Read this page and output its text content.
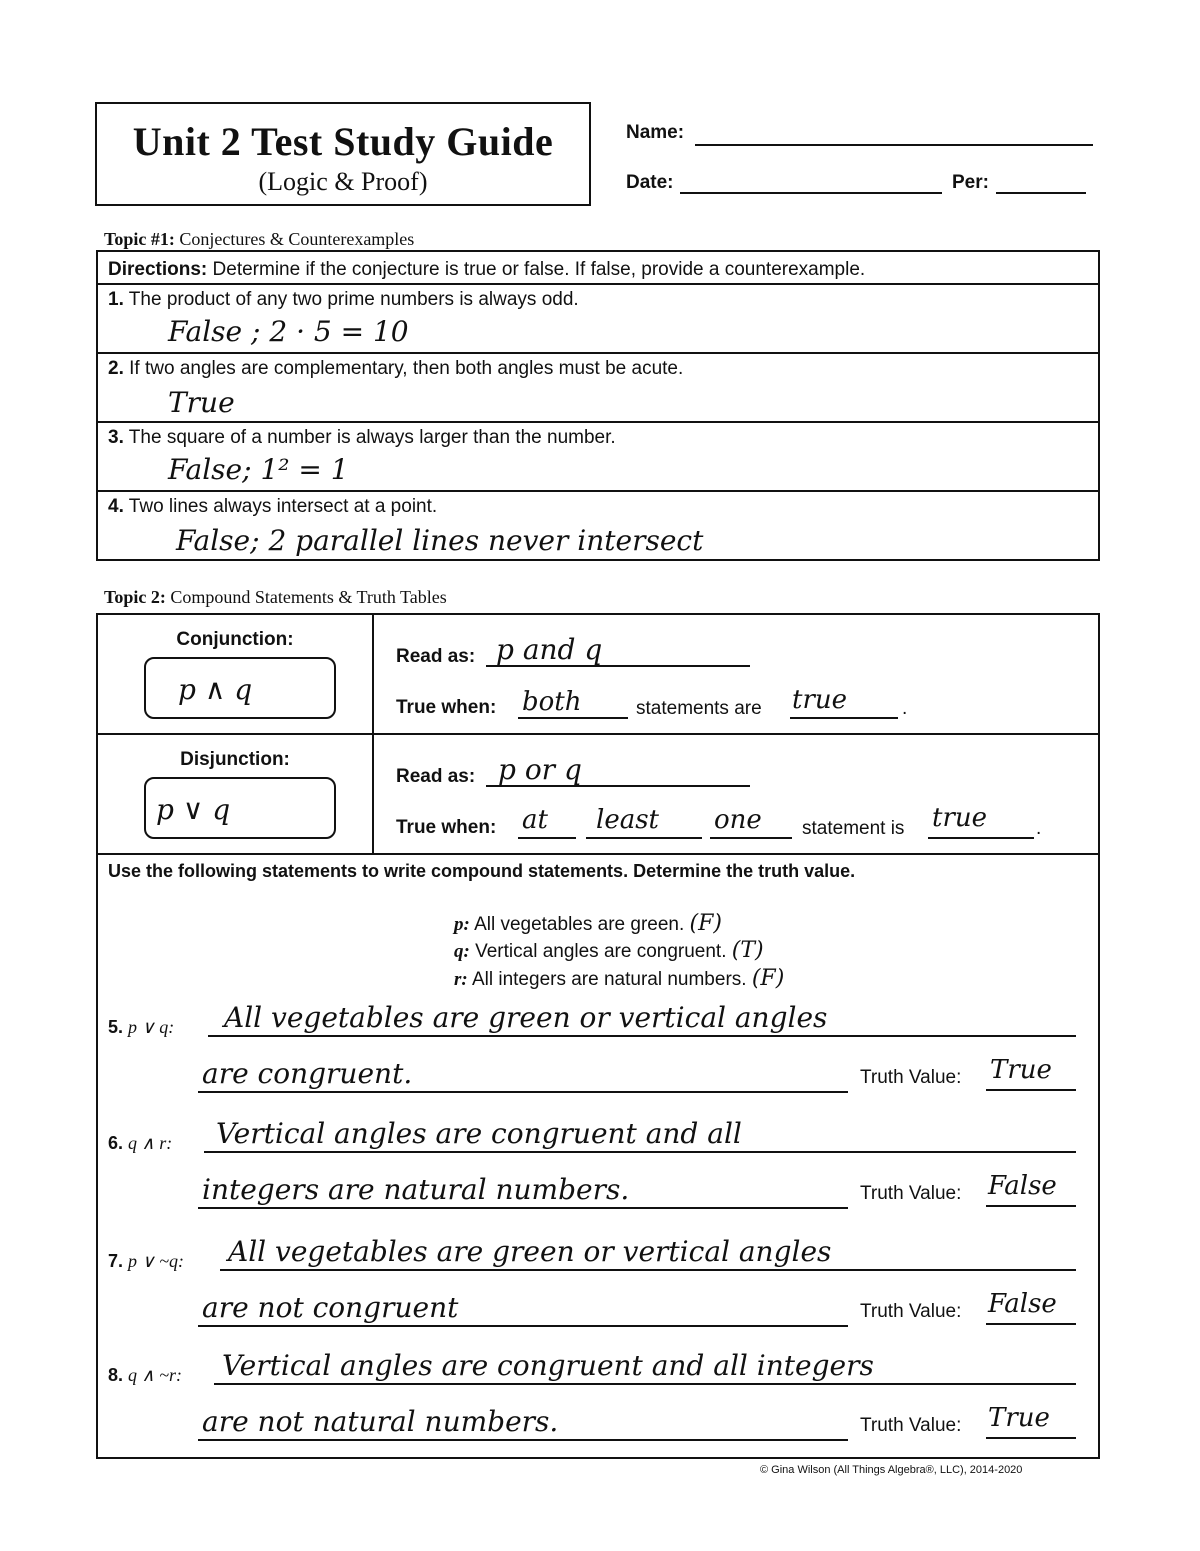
Unit 2 Test Study Guide
(Logic & Proof)
Name:
Date:	Per:
Topic #1: Conjectures & Counterexamples
Directions: Determine if the conjecture is true or false. If false, provide a counterexample.
1. The product of any two prime numbers is always odd.
False ; 2 · 5 = 10
2. If two angles are complementary, then both angles must be acute.
True
3. The square of a number is always larger than the number.
False; 1² = 1
4. Two lines always intersect at a point.
False; 2 parallel lines never intersect
Topic 2: Compound Statements & Truth Tables
Conjunction:
p ∧ q
Read as: p and q
True when: both	statements are true	.
Disjunction:
p ∨ q
Read as: p or q
True when: at least one statement is true	.
Use the following statements to write compound statements. Determine the truth value.
p: All vegetables are green. (F)
q: Vertical angles are congruent. (T)
r: All integers are natural numbers. (F)
5. p ∨ q: All vegetables are green or vertical angles
are congruent.	Truth Value: True
6. q ∧ r: Vertical angles are congruent and all
integers are natural numbers.	Truth Value: False
7. p ∨ ~q: All vegetables are green or vertical angles
are not congruent	Truth Value: False
8. q ∧ ~r: Vertical angles are congruent and all integers
are not natural numbers.	Truth Value: True
© Gina Wilson (All Things Algebra®, LLC), 2014-2020
